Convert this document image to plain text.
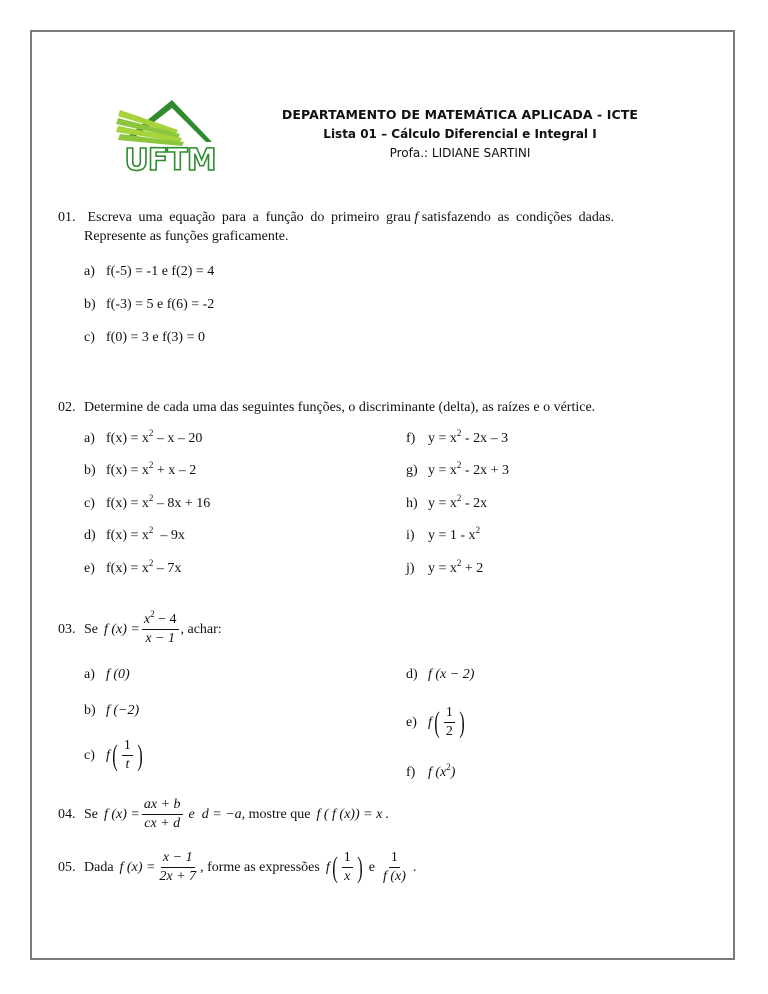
UFTM
DEPARTAMENTO DE MATEMÁTICA APLICADA - ICTE
Lista 01 – Cálculo Diferencial e Integral I
Profa.: LIDIANE SARTINI
01. Escreva uma equação para a função do primeiro grau f satisfazendo as condições dadas.
Represente as funções graficamente.
a) f(-5) = -1 e f(2) = 4
b) f(-3) = 5 e f(6) = -2
c) f(0) = 3 e f(3) = 0
02. Determine de cada uma das seguintes funções, o discriminante (delta), as raízes e o vértice.
a) $f(x) = x^2 - x - 20$
b) $f(x) = x^2 + x - 2$
c) $f(x) = x^2 - 8x + 16$
d) $f(x) = x^2 - 9x$
e) $f(x) = x^2 - 7x$
f) $y = x^2 - 2x - 3$
g) $y = x^2 - 2x + 3$
h) $y = x^2 - 2x$
i) $y = 1 - x^2$
j) $y = x^2 + 2$
03. Se f $(x) = \frac{x^2 - 4}{x - 1}$ , achar:
a) f (0)
b) f (−2)
c) f ( $\frac{1}{t}$ )
d) f (x − 2)
e) f ( $\frac{1}{2}$ )
f) f $(x^2)$
04. Se f $(x) = \frac{ax + b}{cx + d}$ e  d = −a , mostre que f ( f (x)) = x .
05. Dada f $(x) = \frac{x - 1}{2x + 7}$ , forme as expressões f ( $\frac{1}{x}$ ) e $\frac{1}{f (x)}$ .
